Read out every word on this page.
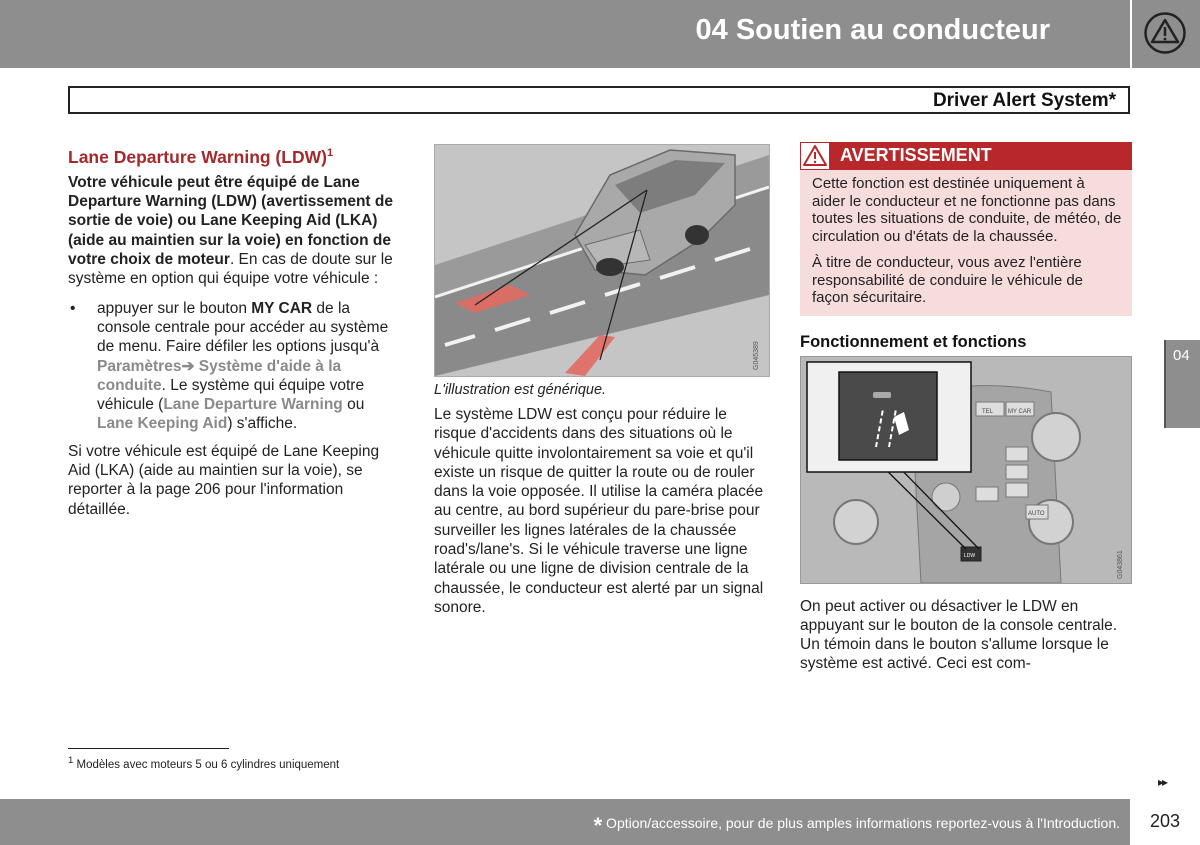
04 Soutien au conducteur
Driver Alert System*
Lane Departure Warning (LDW)$^1$

Votre véhicule peut être équipé de Lane Departure Warning (LDW) (avertissement de sortie de voie) ou Lane Keeping Aid (LKA) (aide au maintien sur la voie) en fonction de votre choix de moteur. En cas de doute sur le système en option qui équipe votre véhicule :

• appuyer sur le bouton MY CAR de la console centrale pour accéder au système de menu. Faire défiler les options jusqu'à Paramètres➔ Système d'aide à la conduite. Le système qui équipe votre véhicule (Lane Departure Warning ou Lane Keeping Aid) s'affiche.

Si votre véhicule est équipé de Lane Keeping Aid (LKA) (aide au maintien sur la voie), se reporter à la page 206 pour l'information détaillée.

G045389
L'illustration est générique.
Le système LDW est conçu pour réduire le risque d'accidents dans des situations où le véhicule quitte involontairement sa voie et qu'il existe un risque de quitter la route ou de rouler dans la voie opposée. Il utilise la caméra placée au centre, au bord supérieur du pare-brise pour surveiller les lignes latérales de la chaussée road's/lane's. Si le véhicule traverse une ligne latérale ou une ligne de division centrale de la chaussée, le conducteur est alerté par un signal sonore.
AVERTISSEMENT

Cette fonction est destinée uniquement à aider le conducteur et ne fonctionne pas dans toutes les situations de conduite, de météo, de circulation ou d'états de la chaussée.

À titre de conducteur, vous avez l'entière responsabilité de conduire le véhicule de façon sécuritaire.

Fonctionnement et fonctions
TEL MY CAR
AUTO
LDW	G043861
On peut activer ou désactiver le LDW en appuyant sur le bouton de la console centrale. Un témoin dans le bouton s'allume lorsque le système est activé. Ceci est com-
04
$^1$ Modèles avec moteurs 5 ou 6 cylindres uniquement
▸▸
* Option/accessoire, pour de plus amples informations reportez-vous à l'Introduction. 203
